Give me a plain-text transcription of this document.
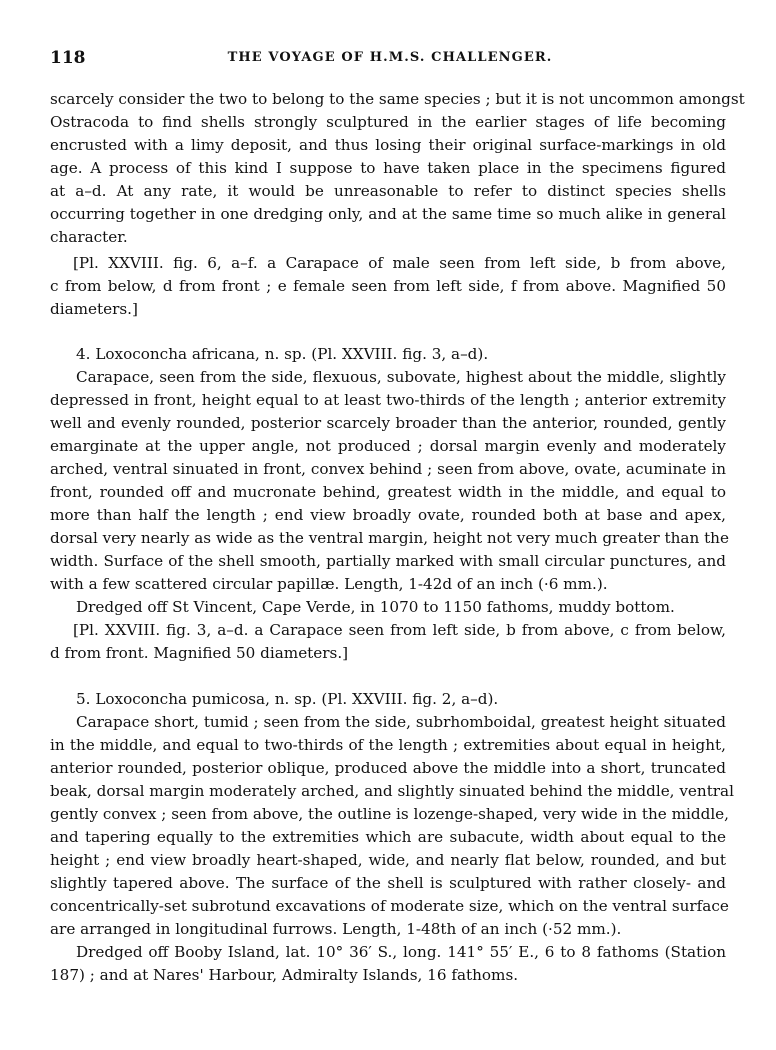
118	THE VOYAGE OF H.M.S. CHALLENGER.
scarcely consider the two to belong to the same species ; but it is not uncommon amongst
Ostracoda to find shells strongly sculptured in the earlier stages of life becoming
encrusted with a limy deposit, and thus losing their original surface-markings in old
age. A process of this kind I suppose to have taken place in the specimens figured
at a–d. At any rate, it would be unreasonable to refer to distinct species shells
occurring together in one dredging only, and at the same time so much alike in general
character.
[Pl. XXVIII. fig. 6, a–f. a Carapace of male seen from left side, b from above,
c from below, d from front ; e female seen from left side, f from above. Magnified 50
diameters.]
4. Loxoconcha africana, n. sp. (Pl. XXVIII. fig. 3, a–d).
Carapace, seen from the side, flexuous, subovate, highest about the middle, slightly
depressed in front, height equal to at least two-thirds of the length ; anterior extremity
well and evenly rounded, posterior scarcely broader than the anterior, rounded, gently
emarginate at the upper angle, not produced ; dorsal margin evenly and moderately
arched, ventral sinuated in front, convex behind ; seen from above, ovate, acuminate in
front, rounded off and mucronate behind, greatest width in the middle, and equal to
more than half the length ; end view broadly ovate, rounded both at base and apex,
dorsal very nearly as wide as the ventral margin, height not very much greater than the
width. Surface of the shell smooth, partially marked with small circular punctures, and
with a few scattered circular papillæ. Length, 1-42d of an inch (·6 mm.).
Dredged off St Vincent, Cape Verde, in 1070 to 1150 fathoms, muddy bottom.
[Pl. XXVIII. fig. 3, a–d. a Carapace seen from left side, b from above, c from below,
d from front. Magnified 50 diameters.]
5. Loxoconcha pumicosa, n. sp. (Pl. XXVIII. fig. 2, a–d).
Carapace short, tumid ; seen from the side, subrhomboidal, greatest height situated
in the middle, and equal to two-thirds of the length ; extremities about equal in height,
anterior rounded, posterior oblique, produced above the middle into a short, truncated
beak, dorsal margin moderately arched, and slightly sinuated behind the middle, ventral
gently convex ; seen from above, the outline is lozenge-shaped, very wide in the middle,
and tapering equally to the extremities which are subacute, width about equal to the
height ; end view broadly heart-shaped, wide, and nearly flat below, rounded, and but
slightly tapered above. The surface of the shell is sculptured with rather closely- and
concentrically-set subrotund excavations of moderate size, which on the ventral surface
are arranged in longitudinal furrows. Length, 1-48th of an inch (·52 mm.).
Dredged off Booby Island, lat. 10° 36′ S., long. 141° 55′ E., 6 to 8 fathoms (Station
187) ; and at Nares' Harbour, Admiralty Islands, 16 fathoms.
